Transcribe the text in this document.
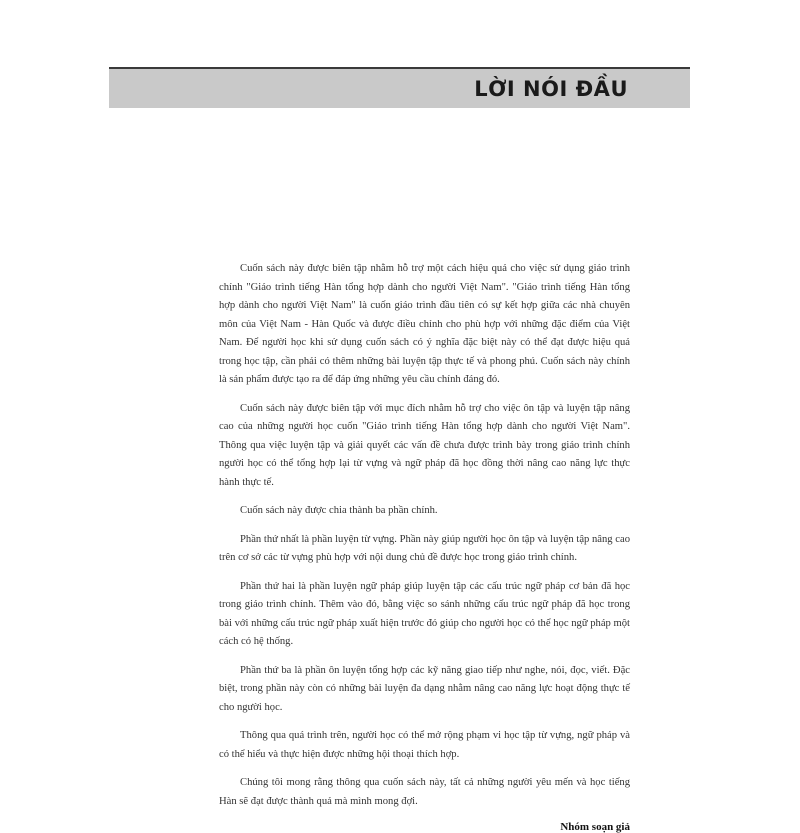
LỜI NÓI ĐẦU

Cuốn sách này được biên tập nhằm hỗ trợ một cách hiệu quả cho việc sử dụng giáo trình chính "Giáo trình tiếng Hàn tổng hợp dành cho người Việt Nam". "Giáo trình tiếng Hàn tổng hợp dành cho người Việt Nam" là cuốn giáo trình đầu tiên có sự kết hợp giữa các nhà chuyên môn của Việt Nam - Hàn Quốc và được điều chỉnh cho phù hợp với những đặc điểm của Việt Nam. Để người học khi sử dụng cuốn sách có ý nghĩa đặc biệt này có thể đạt được hiệu quả trong học tập, cần phải có thêm những bài luyện tập thực tế và phong phú. Cuốn sách này chính là sản phẩm được tạo ra để đáp ứng những yêu cầu chính đáng đó.

Cuốn sách này được biên tập với mục đích nhằm hỗ trợ cho việc ôn tập và luyện tập nâng cao của những người học cuốn "Giáo trình tiếng Hàn tổng hợp dành cho người Việt Nam". Thông qua việc luyện tập và giải quyết các vấn đề chưa được trình bày trong giáo trình chính người học có thể tổng hợp lại từ vựng và ngữ pháp đã học đồng thời nâng cao năng lực thực hành thực tế.

Cuốn sách này được chia thành ba phần chính.

Phần thứ nhất là phần luyện từ vựng. Phần này giúp người học ôn tập và luyện tập nâng cao trên cơ sở các từ vựng phù hợp với nội dung chủ đề được học trong giáo trình chính.

Phần thứ hai là phần luyện ngữ pháp giúp luyện tập các cấu trúc ngữ pháp cơ bản đã học trong giáo trình chính. Thêm vào đó, bằng việc so sánh những cấu trúc ngữ pháp đã học trong bài với những cấu trúc ngữ pháp xuất hiện trước đó giúp cho người học có thể học ngữ pháp một cách có hệ thống.

Phần thứ ba là phần ôn luyện tổng hợp các kỹ năng giao tiếp như nghe, nói, đọc, viết. Đặc biệt, trong phần này còn có những bài luyện đa dạng nhằm nâng cao năng lực hoạt động thực tế cho người học.

Thông qua quá trình trên, người học có thể mở rộng phạm vi học tập từ vựng, ngữ pháp và có thể hiểu và thực hiện được những hội thoại thích hợp.

Chúng tôi mong rằng thông qua cuốn sách này, tất cả những người yêu mến và học tiếng Hàn sẽ đạt được thành quả mà mình mong đợi.

Nhóm soạn giả
